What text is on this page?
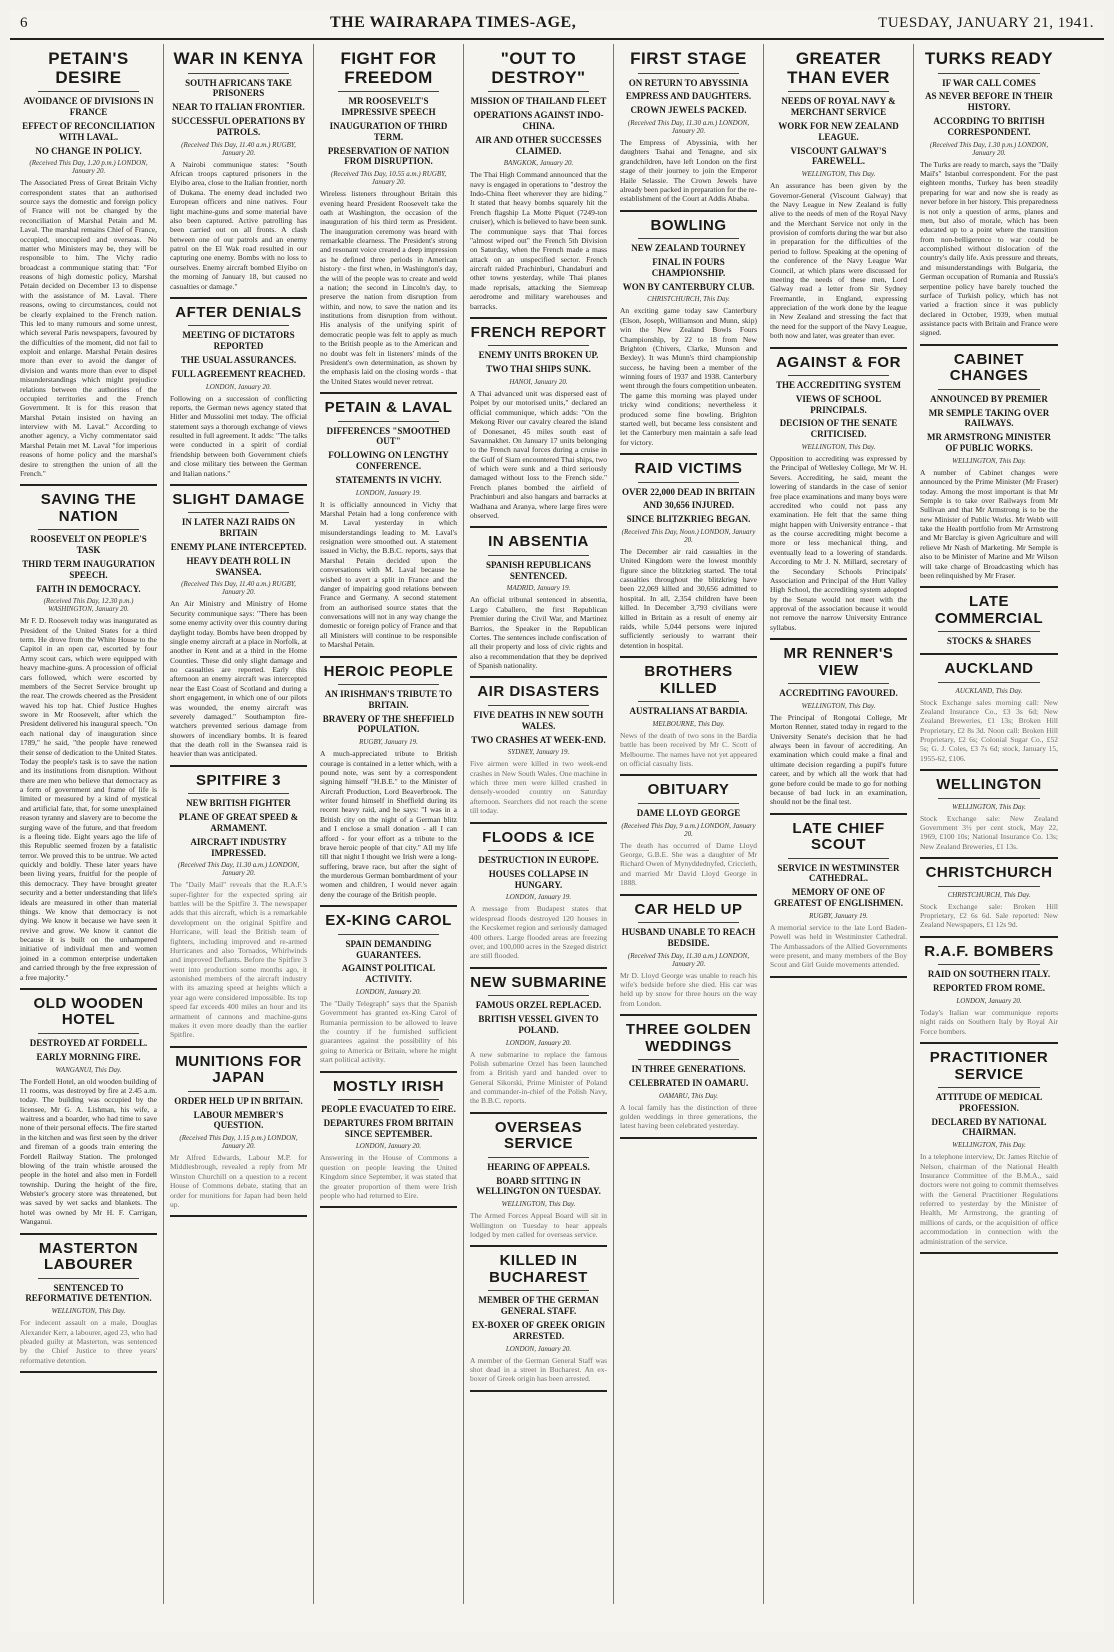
6	THE WAIRARAPA TIMES-AGE,	TUESDAY, JANUARY 21, 1941.
PETAIN'S DESIRE
AVOIDANCE OF DIVISIONS IN FRANCE
EFFECT OF RECONCILIATION WITH LAVAL.
NO CHANGE IN POLICY.
(Received This Day, 1.20 p.m.) LONDON, January 20.
The Associated Press of Great Britain Vichy correspondent states that an authorised source says the domestic and foreign policy of France will not be changed by the reconciliation of Marshal Petain and M. Laval. The marshal remains Chief of France, occupied, unoccupied and overseas. No matter who Ministers may be, they will be responsible to him. The Vichy radio broadcast a communique stating that: "For reasons of high domestic policy, Marshal Petain decided on December 13 to dispense with the assistance of M. Laval. There reasons, owing to circumstances, could not be clearly explained to the French nation. This led to many rumours and some unrest, which several Paris newspapers, favoured by the difficulties of the moment, did not fail to exploit and enlarge. Marshal Petain desires more than ever to avoid the danger of division and wants more than ever to dispel misunderstandings which might prejudice relations between the authorities of the occupied territories and the French Government. It is for this reason that Marshal Petain insisted on having an interview with M. Laval." According to another agency, a Vichy commentator said Marshal Petain met M. Laval "for imperious reasons of home policy and the marshal's desire to strengthen the union of all the French."
SAVING THE NATION
ROOSEVELT ON PEOPLE'S TASK
THIRD TERM INAUGURATION SPEECH.
FAITH IN DEMOCRACY.
(Received This Day, 12.30 p.m.) WASHINGTON, January 20.
Mr F. D. Roosevelt today was inaugurated as President of the United States for a third term. He drove from the White House to the Capitol in an open car, escorted by four Army scout cars, which were equipped with heavy machine-guns. A procession of official cars followed, which were escorted by members of the Secret Service brought up the rear. The crowds cheered as the President waved his top hat. Chief Justice Hughes swore in Mr Roosevelt, after which the President delivered his inaugural speech. "On each national day of inauguration since 1789," he said, "the people have renewed their sense of dedication to the United States. Today the people's task is to save the nation and its institutions from disruption. Without there are men who believe that democracy as a form of government and frame of life is limited or measured by a kind of mystical and artificial fate, that, for some unexplained reason tyranny and slavery are to become the surging wave of the future, and that freedom is a fleeing tide. Eight years ago the life of this Republic seemed frozen by a fatalistic terror. We proved this to be untrue. We acted quickly and boldly. These later years have been living years, fruitful for the people of this democracy. They have brought greater security and a better understanding that life's ideals are measured in other than material things. We know that democracy is not dying. We know it because we have seen it revive and grow. We know it cannot die because it is built on the unhampered initiative of individual men and women joined in a common enterprise undertaken and carried through by the free expression of a free majority."
OLD WOODEN HOTEL
DESTROYED AT FORDELL.
EARLY MORNING FIRE.
WANGANUI, This Day.
The Fordell Hotel, an old wooden building of 11 rooms, was destroyed by fire at 2.45 a.m. today. The building was occupied by the licensee, Mr G. A. Lishman, his wife, a waitress and a boarder, who had time to save none of their personal effects. The fire started in the kitchen and was first seen by the driver and fireman of a goods train entering the Fordell Railway Station. The prolonged blowing of the train whistle aroused the people in the hotel and also men in Fordell township. During the height of the fire, Webster's grocery store was threatened, but was saved by wet sacks and blankets. The hotel was owned by Mr H. F. Carrigan, Wanganui.
MASTERTON LABOURER
SENTENCED TO REFORMATIVE DETENTION.
WELLINGTON, This Day.
For indecent assault on a male, Douglas Alexander Kerr, a labourer, aged 23, who had pleaded guilty at Masterton, was sentenced by the Chief Justice to three years' reformative detention.
WAR IN KENYA
SOUTH AFRICANS TAKE PRISONERS
NEAR TO ITALIAN FRONTIER.
SUCCESSFUL OPERATIONS BY PATROLS.
(Received This Day, 11.40 a.m.) RUGBY, January 20.
A Nairobi communique states: "South African troops captured prisoners in the Elyibo area, close to the Italian frontier, north of Dukana. The enemy dead included two European officers and nine natives. Four light machine-guns and some material have also been captured. Active patrolling has been carried out on all fronts. A clash between one of our patrols and an enemy patrol on the El Wak road resulted in our capturing one enemy. Bombs with no loss to ourselves. Enemy aircraft bombed Elyibo on the morning of January 18, but caused no casualties or damage."
AFTER DENIALS
MEETING OF DICTATORS REPORTED
THE USUAL ASSURANCES.
FULL AGREEMENT REACHED.
LONDON, January 20.
Following on a succession of conflicting reports, the German news agency stated that Hitler and Mussolini met today. The official statement says a thorough exchange of views resulted in full agreement. It adds: "The talks were conducted in a spirit of cordial friendship between both Government chiefs and close military ties between the German and Italian nations."
SLIGHT DAMAGE
IN LATER NAZI RAIDS ON BRITAIN
ENEMY PLANE INTERCEPTED.
HEAVY DEATH ROLL IN SWANSEA.
(Received This Day, 11.40 a.m.) RUGBY, January 20.
An Air Ministry and Ministry of Home Security communique says: "There has been some enemy activity over this country during daylight today. Bombs have been dropped by single enemy aircraft at a place in Norfolk, at another in Kent and at a third in the Home Counties. These did only slight damage and no casualties are reported. Early this afternoon an enemy aircraft was intercepted near the East Coast of Scotland and during a short engagement, in which one of our pilots was wounded, the enemy aircraft was severely damaged." Southampton fire-watchers prevented serious damage from showers of incendiary bombs. It is feared that the death roll in the Swansea raid is heavier than was anticipated.
SPITFIRE 3
NEW BRITISH FIGHTER
PLANE OF GREAT SPEED & ARMAMENT.
AIRCRAFT INDUSTRY IMPRESSED.
(Received This Day, 11.30 a.m.) LONDON, January 20.
The "Daily Mail" reveals that the R.A.F.'s super-fighter for the expected spring air battles will be the Spitfire 3. The newspaper adds that this aircraft, which is a remarkable development on the original Spitfire and Hurricane, will lead the British team of fighters, including improved and re-armed Hurricanes and also Tornados, Whirlwinds and improved Defiants. Before the Spitfire 3 went into production some months ago, it astonished members of the aircraft industry with its amazing speed at heights which a year ago were considered impossible. Its top speed far exceeds 400 miles an hour and its armament of cannons and machine-guns makes it even more deadly than the earlier Spitfire.
MUNITIONS FOR JAPAN
ORDER HELD UP IN BRITAIN.
LABOUR MEMBER'S QUESTION.
(Received This Day, 1.15 p.m.) LONDON, January 20.
Mr Alfred Edwards, Labour M.P. for Middlesbrough, revealed a reply from Mr Winston Churchill on a question to a recent House of Commons debate, stating that an order for munitions for Japan had been held up.
FIGHT FOR FREEDOM
MR ROOSEVELT'S IMPRESSIVE SPEECH
INAUGURATION OF THIRD TERM.
PRESERVATION OF NATION FROM DISRUPTION.
(Received This Day, 10.55 a.m.) RUGBY, January 20.
Wireless listeners throughout Britain this evening heard President Roosevelt take the oath at Washington, the occasion of the inauguration of his third term as President. The inauguration ceremony was heard with remarkable clearness. The President's strong and resonant voice created a deep impression as he defined three periods in American history - the first when, in Washington's day, the will of the people was to create and weld a nation; the second in Lincoln's day, to preserve the nation from disruption from within, and now, to save the nation and its institutions from disruption from without. His analysis of the unifying spirit of democratic people was felt to apply as much to the British people as to the American and no doubt was felt in listeners' minds of the President's own determination, as shown by the emphasis laid on the closing words - that the United States would never retreat.
PETAIN & LAVAL
DIFFERENCES "SMOOTHED OUT"
FOLLOWING ON LENGTHY CONFERENCE.
STATEMENTS IN VICHY.
LONDON, January 19.
It is officially announced in Vichy that Marshal Petain had a long conference with M. Laval yesterday in which misunderstandings leading to M. Laval's resignation were smoothed out. A statement issued in Vichy, the B.B.C. reports, says that Marshal Petain decided upon the conversations with M. Laval because he wished to avert a split in France and the danger of impairing good relations between France and Germany. A second statement from an authorised source states that the conversations will not in any way change the domestic or foreign policy of France and that all Ministers will continue to be responsible to Marshal Petain.
HEROIC PEOPLE
AN IRISHMAN'S TRIBUTE TO BRITAIN.
BRAVERY OF THE SHEFFIELD POPULATION.
RUGBY, January 19.
A much-appreciated tribute to British courage is contained in a letter which, with a pound note, was sent by a correspondent signing himself "H.B.E." to the Minister of Aircraft Production, Lord Beaverbrook. The writer found himself in Sheffield during its recent heavy raid, and he says: "I was in a British city on the night of a German blitz and I enclose a small donation - all I can afford - for your effort as a tribute to the brave heroic people of that city." All my life till that night I thought we Irish were a long-suffering, brave race, but after the sight of the murderous German bombardment of your women and children, I would never again deny the courage of the British people.
EX-KING CAROL
SPAIN DEMANDING GUARANTEES.
AGAINST POLITICAL ACTIVITY.
LONDON, January 20.
The "Daily Telegraph" says that the Spanish Government has granted ex-King Carol of Rumania permission to be allowed to leave the country if he furnished sufficient guarantees against the possibility of his going to America or Britain, where he might start political activity.
MOSTLY IRISH
PEOPLE EVACUATED TO EIRE.
DEPARTURES FROM BRITAIN SINCE SEPTEMBER.
LONDON, January 20.
Answering in the House of Commons a question on people leaving the United Kingdom since September, it was stated that the greater proportion of them were Irish people who had returned to Eire.
"OUT TO DESTROY"
MISSION OF THAILAND FLEET
OPERATIONS AGAINST INDO-CHINA.
AIR AND OTHER SUCCESSES CLAIMED.
BANGKOK, January 20.
The Thai High Command announced that the navy is engaged in operations to "destroy the Indo-China fleet wherever they are hiding." It stated that heavy bombs squarely hit the French flagship La Motte Piquet (7249-ton cruiser), which is believed to have been sunk. The communique says that Thai forces "almost wiped out" the French 5th Division on Saturday, when the French made a mass attack on an unspecified sector. French aircraft raided Prachinburi, Chandaburi and other towns yesterday, while Thai planes made reprisals, attacking the Siemreap aerodrome and military warehouses and barracks.
FRENCH REPORT
ENEMY UNITS BROKEN UP.
TWO THAI SHIPS SUNK.
HANOI, January 20.
A Thai advanced unit was dispersed east of Poipet by our motorised units," declared an official communique, which adds: "On the Mekong River our cavalry cleared the island of Donesanet, 45 miles south east of Savannakhet. On January 17 units belonging to the French naval forces during a cruise in the Gulf of Siam encountered Thai ships, two of which were sunk and a third seriously damaged without loss to the French side." French planes bombed the airfield of Prachinburi and also hangars and barracks at Wadhana and Aranya, where large fires were observed.
IN ABSENTIA
SPANISH REPUBLICANS SENTENCED.
MADRID, January 19.
An official tribunal sentenced in absentia, Largo Caballero, the first Republican Premier during the Civil War, and Martinez Barrios, the Speaker in the Republican Cortes. The sentences include confiscation of all their property and loss of civic rights and also a recommendation that they be deprived of Spanish nationality.
AIR DISASTERS
FIVE DEATHS IN NEW SOUTH WALES.
TWO CRASHES AT WEEK-END.
SYDNEY, January 19.
Five airmen were killed in two week-end crashes in New South Wales. One machine in which three men were killed crashed in densely-wooded country on Saturday afternoon. Searchers did not reach the scene till today.
FLOODS & ICE
DESTRUCTION IN EUROPE.
HOUSES COLLAPSE IN HUNGARY.
LONDON, January 19.
A message from Budapest states that widespread floods destroyed 120 houses in the Kecskemet region and seriously damaged 400 others. Large flooded areas are freezing over, and 100,000 acres in the Szeged district are still flooded.
NEW SUBMARINE
FAMOUS ORZEL REPLACED.
BRITISH VESSEL GIVEN TO POLAND.
LONDON, January 20.
A new submarine to replace the famous Polish submarine Orzel has been launched from a British yard and handed over to General Sikorski, Prime Minister of Poland and commander-in-chief of the Polish Navy, the B.B.C. reports.
OVERSEAS SERVICE
HEARING OF APPEALS.
BOARD SITTING IN WELLINGTON ON TUESDAY.
WELLINGTON, This Day.
The Armed Forces Appeal Board will sit in Wellington on Tuesday to hear appeals lodged by men called for overseas service.
KILLED IN BUCHAREST
MEMBER OF THE GERMAN GENERAL STAFF.
EX-BOXER OF GREEK ORIGIN ARRESTED.
LONDON, January 20.
A member of the German General Staff was shot dead in a street in Bucharest. An ex-boxer of Greek origin has been arrested.
FIRST STAGE
ON RETURN TO ABYSSINIA
EMPRESS AND DAUGHTERS.
CROWN JEWELS PACKED.
(Received This Day, 11.30 a.m.) LONDON, January 20.
The Empress of Abyssinia, with her daughters Tsahai and Tenagne, and six grandchildren, have left London on the first stage of their journey to join the Emperor Haile Selassie. The Crown Jewels have already been packed in preparation for the re-establishment of the Court at Addis Ababa.
BOWLING
NEW ZEALAND TOURNEY
FINAL IN FOURS CHAMPIONSHIP.
WON BY CANTERBURY CLUB.
CHRISTCHURCH, This Day.
An exciting game today saw Canterbury (Elson, Joseph, Williamson and Munn, skip) win the New Zealand Bowls Fours Championship, by 22 to 18 from New Brighton (Chivers, Clarke, Munson and Bexley). It was Munn's third championship success, he having been a member of the winning fours of 1937 and 1938. Canterbury went through the fours competition unbeaten. The game this morning was played under tricky wind conditions; nevertheless it produced some fine bowling. Brighton started well, but became less consistent and let the Canterbury men maintain a safe lead for victory.
RAID VICTIMS
OVER 22,000 DEAD IN BRITAIN
AND 30,656 INJURED.
SINCE BLITZKRIEG BEGAN.
(Received This Day, Noon.) LONDON, January 20.
The December air raid casualties in the United Kingdom were the lowest monthly figure since the blitzkrieg started. The total casualties throughout the blitzkrieg have been 22,069 killed and 30,656 admitted to hospital. In all, 2,354 children have been killed. In December 3,793 civilians were killed in Britain as a result of enemy air raids, while 5,044 persons were injured sufficiently seriously to warrant their detention in hospital.
BROTHERS KILLED
AUSTRALIANS AT BARDIA.
MELBOURNE, This Day.
News of the death of two sons in the Bardia battle has been received by Mr C. Scott of Melbourne. The names have not yet appeared on official casualty lists.
OBITUARY
DAME LLOYD GEORGE
(Received This Day, 9 a.m.) LONDON, January 20.
The death has occurred of Dame Lloyd George, G.B.E. She was a daughter of Mr Richard Owen of Mynyddednyfed, Criccieth, and married Mr David Lloyd George in 1888.
CAR HELD UP
HUSBAND UNABLE TO REACH BEDSIDE.
(Received This Day, 11.30 a.m.) LONDON, January 20.
Mr D. Lloyd George was unable to reach his wife's bedside before she died. His car was held up by snow for three hours on the way from London.
THREE GOLDEN WEDDINGS
IN THREE GENERATIONS.
CELEBRATED IN OAMARU.
OAMARU, This Day.
A local family has the distinction of three golden weddings in three generations, the latest having been celebrated yesterday.
GREATER THAN EVER
NEEDS OF ROYAL NAVY & MERCHANT SERVICE
WORK FOR NEW ZEALAND LEAGUE.
VISCOUNT GALWAY'S FAREWELL.
WELLINGTON, This Day.
An assurance has been given by the Governor-General (Viscount Galway) that the Navy League in New Zealand is fully alive to the needs of men of the Royal Navy and the Merchant Service not only in the provision of comforts during the war but also in preparation for the difficulties of the period to follow. Speaking at the opening of the conference of the Navy League War Council, at which plans were discussed for meeting the needs of these men, Lord Galway read a letter from Sir Sydney Freemantle, in England, expressing appreciation of the work done by the league in New Zealand and stressing the fact that the need for the support of the Navy League, both now and later, was greater than ever.
AGAINST & FOR
THE ACCREDITING SYSTEM
VIEWS OF SCHOOL PRINCIPALS.
DECISION OF THE SENATE CRITICISED.
WELLINGTON, This Day.
Opposition to accrediting was expressed by the Principal of Wellesley College, Mr W. H. Severs. Accrediting, he said, meant the lowering of standards in the case of senior free place examinations and many boys were accredited who could not pass any examination. He felt that the same thing might happen with University entrance - that as the course accrediting might become a more or less mechanical thing, and eventually lead to a lowering of standards. According to Mr J. N. Millard, secretary of the Secondary Schools Principals' Association and Principal of the Hutt Valley High School, the accrediting system adopted by the Senate would not meet with the approval of the association because it would not remove the narrow University Entrance syllabus.
MR RENNER'S VIEW
ACCREDITING FAVOURED.
WELLINGTON, This Day.
The Principal of Rongotai College, Mr Morton Renner, stated today in regard to the University Senate's decision that he had always been in favour of accrediting. An examination which could make a final and ultimate decision regarding a pupil's future career, and by which all the work that had gone before could be made to go for nothing because of bad luck in an examination, should not be the final test.
LATE CHIEF SCOUT
SERVICE IN WESTMINSTER CATHEDRAL.
MEMORY OF ONE OF GREATEST OF ENGLISHMEN.
RUGBY, January 19.
A memorial service to the late Lord Baden-Powell was held in Westminster Cathedral. The Ambassadors of the Allied Governments were present, and many members of the Boy Scout and Girl Guide movements attended.
TURKS READY
IF WAR CALL COMES
AS NEVER BEFORE IN THEIR HISTORY.
ACCORDING TO BRITISH CORRESPONDENT.
(Received This Day, 1.30 p.m.) LONDON, January 20.
The Turks are ready to march, says the "Daily Mail's" Istanbul correspondent. For the past eighteen months, Turkey has been steadily preparing for war and now she is ready as never before in her history. This preparedness is not only a question of arms, planes and men, but also of morale, which has been educated up to a point where the transition from non-belligerence to war could be accomplished without dislocation of the country's daily life. Axis pressure and threats, and misunderstandings with Bulgaria, the German occupation of Rumania and Russia's serpentine policy have barely touched the surface of Turkish policy, which has not varied a fraction since it was publicly declared in October, 1939, when mutual assistance pacts with Britain and France were signed.
CABINET CHANGES
ANNOUNCED BY PREMIER
MR SEMPLE TAKING OVER RAILWAYS.
MR ARMSTRONG MINISTER OF PUBLIC WORKS.
WELLINGTON, This Day.
A number of Cabinet changes were announced by the Prime Minister (Mr Fraser) today. Among the most important is that Mr Semple is to take over Railways from Mr Sullivan and that Mr Armstrong is to be the new Minister of Public Works. Mr Webb will take the Health portfolio from Mr Armstrong and Mr Barclay is given Agriculture and will relieve Mr Nash of Marketing. Mr Semple is also to be Minister of Marine and Mr Wilson will take charge of Broadcasting which has been relinquished by Mr Fraser.
LATE COMMERCIAL
STOCKS & SHARES
AUCKLAND
AUCKLAND, This Day.
Stock Exchange sales morning call: New Zealand Insurance Co., £3 3s 6d; New Zealand Breweries, £1 13s; Broken Hill Proprietary, £2 8s 3d. Noon call: Broken Hill Proprietary, £2 6s; Colonial Sugar Co., £52 5s; G. J. Coles, £3 7s 6d; stock, January 15, 1955-62, £106.
WELLINGTON
WELLINGTON, This Day.
Stock Exchange sale: New Zealand Government 3½ per cent stock, May 22, 1969, £100 10s; National Insurance Co. 13s; New Zealand Breweries, £1 13s.
CHRISTCHURCH
CHRISTCHURCH, This Day.
Stock Exchange sale: Broken Hill Proprietary, £2 6s 6d. Sale reported: New Zealand Newspapers, £1 12s 9d.
R.A.F. BOMBERS
RAID ON SOUTHERN ITALY.
REPORTED FROM ROME.
LONDON, January 20.
Today's Italian war communique reports night raids on Southern Italy by Royal Air Force bombers.
PRACTITIONER SERVICE
ATTITUDE OF MEDICAL PROFESSION.
DECLARED BY NATIONAL CHAIRMAN.
WELLINGTON, This Day.
In a telephone interview, Dr. James Ritchie of Nelson, chairman of the National Health Insurance Committee of the B.M.A., said doctors were not going to commit themselves with the General Practitioner Regulations referred to yesterday by the Minister of Health, Mr Armstrong, the granting of millions of cards, or the acquisition of office accommodation in connection with the administration of the service.
